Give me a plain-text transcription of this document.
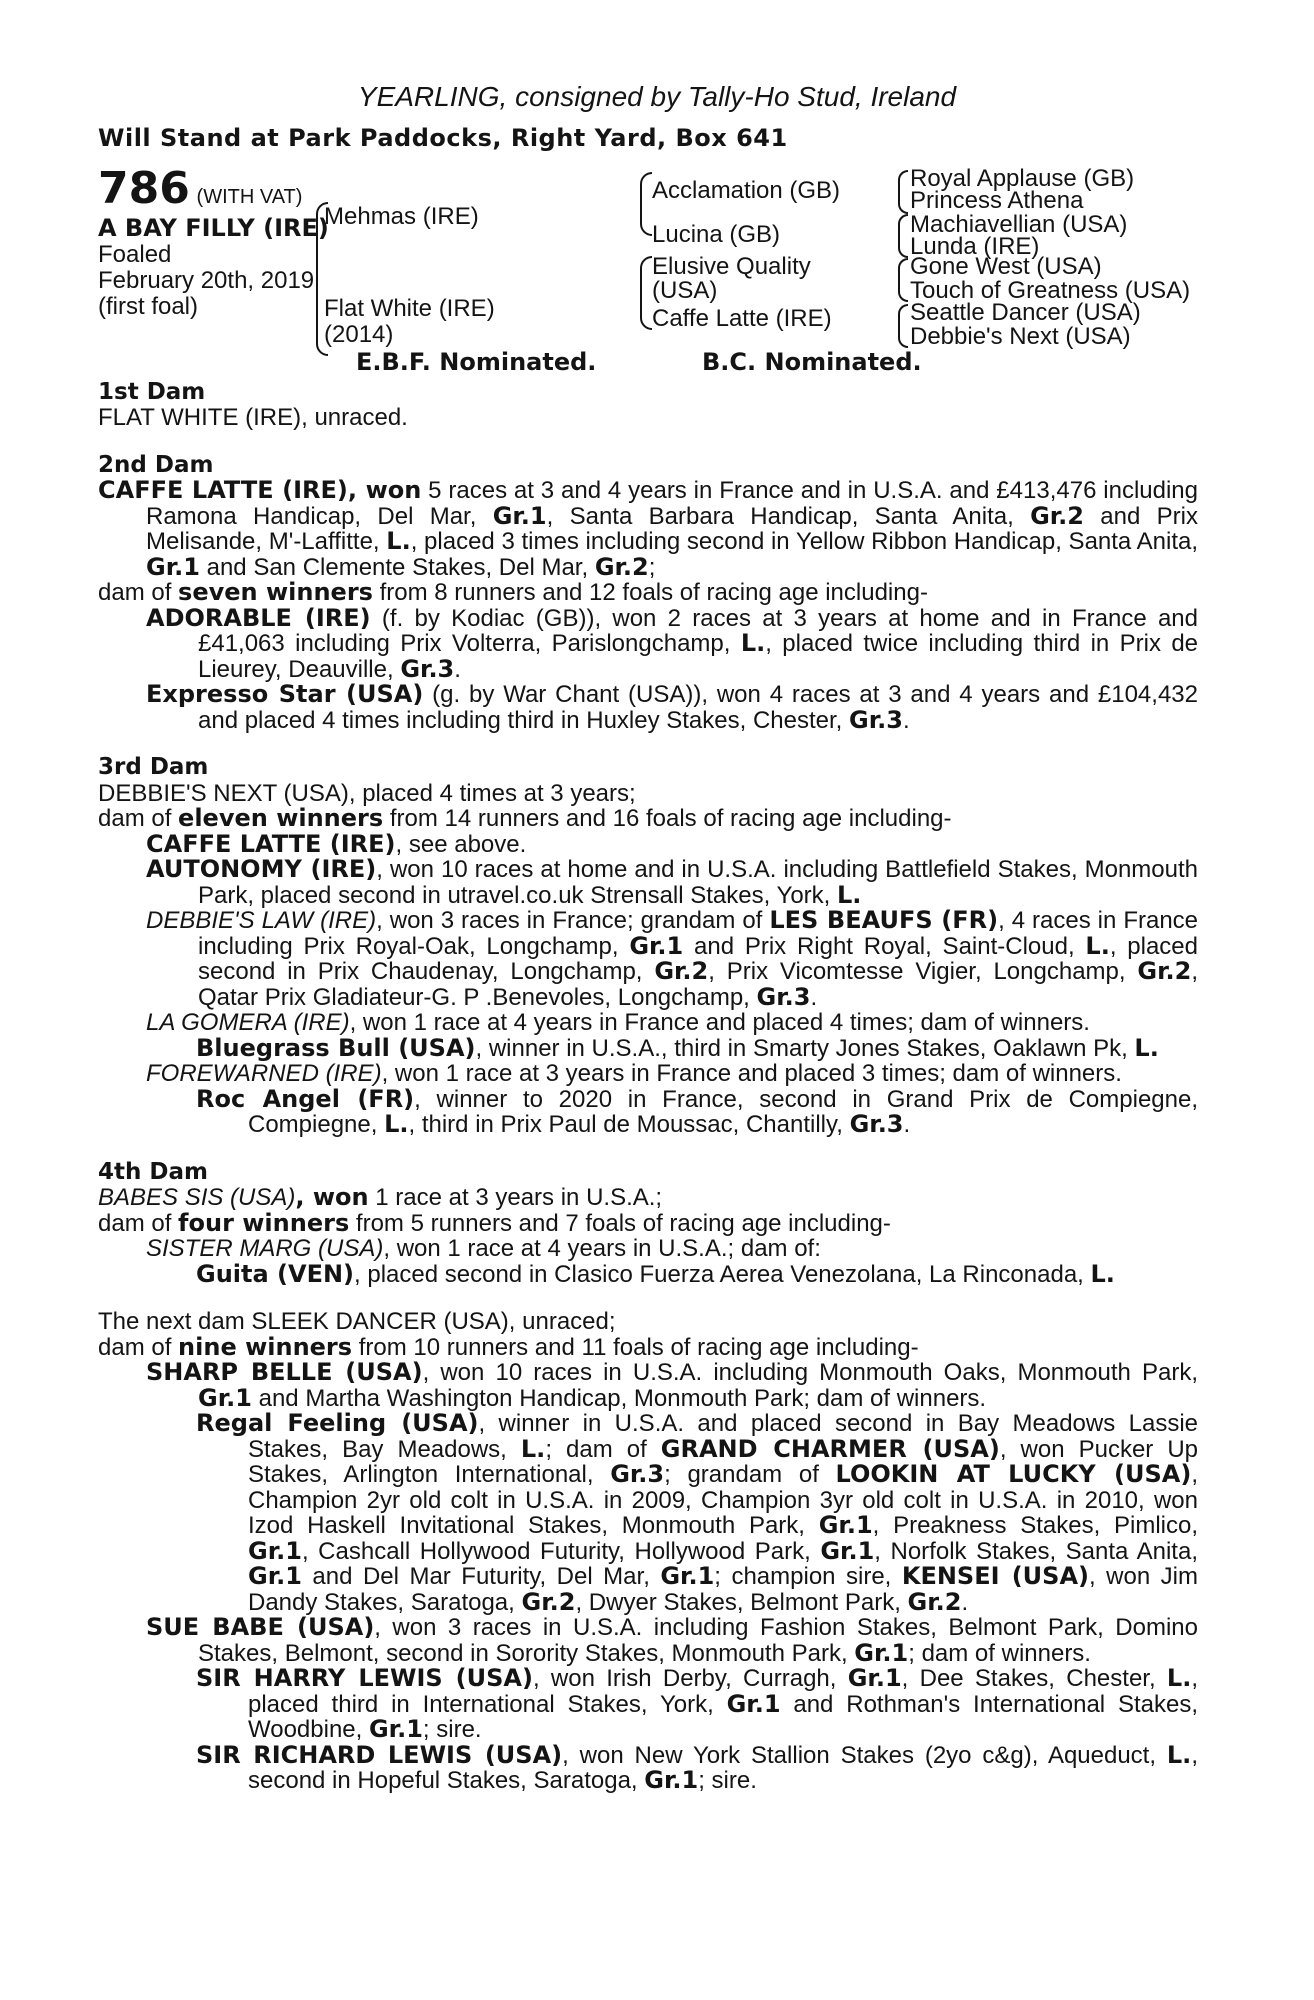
YEARLING, consigned by Tally-Ho Stud, Ireland
Will Stand at Park Paddocks, Right Yard, Box 641
786 (WITH VAT)
A BAY FILLY (IRE)
Foaled
February 20th, 2019
(first foal)
Mehmas (IRE)
Flat White (IRE)
(2014)
Acclamation (GB)
Lucina (GB)
Elusive Quality
(USA)
Caffe Latte (IRE)
Royal Applause (GB)
Princess Athena
Machiavellian (USA)
Lunda (IRE)
Gone West (USA)
Touch of Greatness (USA)
Seattle Dancer (USA)
Debbie's Next (USA)
E.B.F. Nominated.	B.C. Nominated.
1st Dam
FLAT WHITE (IRE), unraced.
2nd Dam
CAFFE LATTE (IRE), won 5 races at 3 and 4 years in France and in U.S.A. and £413,476 including Ramona Handicap, Del Mar, Gr.1, Santa Barbara Handicap, Santa Anita, Gr.2 and Prix Melisande, M'-Laffitte, L., placed 3 times including second in Yellow Ribbon Handicap, Santa Anita, Gr.1 and San Clemente Stakes, Del Mar, Gr.2;
dam of seven winners from 8 runners and 12 foals of racing age including-
ADORABLE (IRE) (f. by Kodiac (GB)), won 2 races at 3 years at home and in France and £41,063 including Prix Volterra, Parislongchamp, L., placed twice including third in Prix de Lieurey, Deauville, Gr.3.
Expresso Star (USA) (g. by War Chant (USA)), won 4 races at 3 and 4 years and £104,432 and placed 4 times including third in Huxley Stakes, Chester, Gr.3.
3rd Dam
DEBBIE'S NEXT (USA), placed 4 times at 3 years;
dam of eleven winners from 14 runners and 16 foals of racing age including-
CAFFE LATTE (IRE), see above.
AUTONOMY (IRE), won 10 races at home and in U.S.A. including Battlefield Stakes, Monmouth Park, placed second in utravel.co.uk Strensall Stakes, York, L.
DEBBIE'S LAW (IRE), won 3 races in France; grandam of LES BEAUFS (FR), 4 races in France including Prix Royal-Oak, Longchamp, Gr.1 and Prix Right Royal, Saint-Cloud, L., placed second in Prix Chaudenay, Longchamp, Gr.2, Prix Vicomtesse Vigier, Longchamp, Gr.2, Qatar Prix Gladiateur-G. P .Benevoles, Longchamp, Gr.3.
LA GOMERA (IRE), won 1 race at 4 years in France and placed 4 times; dam of winners.
Bluegrass Bull (USA), winner in U.S.A., third in Smarty Jones Stakes, Oaklawn Pk, L.
FOREWARNED (IRE), won 1 race at 3 years in France and placed 3 times; dam of winners.
Roc Angel (FR), winner to 2020 in France, second in Grand Prix de Compiegne, Compiegne, L., third in Prix Paul de Moussac, Chantilly, Gr.3.
4th Dam
BABES SIS (USA), won 1 race at 3 years in U.S.A.;
dam of four winners from 5 runners and 7 foals of racing age including-
SISTER MARG (USA), won 1 race at 4 years in U.S.A.; dam of:
Guita (VEN), placed second in Clasico Fuerza Aerea Venezolana, La Rinconada, L.
The next dam SLEEK DANCER (USA), unraced;
dam of nine winners from 10 runners and 11 foals of racing age including-
SHARP BELLE (USA), won 10 races in U.S.A. including Monmouth Oaks, Monmouth Park, Gr.1 and Martha Washington Handicap, Monmouth Park; dam of winners.
Regal Feeling (USA), winner in U.S.A. and placed second in Bay Meadows Lassie Stakes, Bay Meadows, L.; dam of GRAND CHARMER (USA), won Pucker Up Stakes, Arlington International, Gr.3; grandam of LOOKIN AT LUCKY (USA), Champion 2yr old colt in U.S.A. in 2009, Champion 3yr old colt in U.S.A. in 2010, won Izod Haskell Invitational Stakes, Monmouth Park, Gr.1, Preakness Stakes, Pimlico, Gr.1, Cashcall Hollywood Futurity, Hollywood Park, Gr.1, Norfolk Stakes, Santa Anita, Gr.1 and Del Mar Futurity, Del Mar, Gr.1; champion sire, KENSEI (USA), won Jim Dandy Stakes, Saratoga, Gr.2, Dwyer Stakes, Belmont Park, Gr.2.
SUE BABE (USA), won 3 races in U.S.A. including Fashion Stakes, Belmont Park, Domino Stakes, Belmont, second in Sorority Stakes, Monmouth Park, Gr.1; dam of winners.
SIR HARRY LEWIS (USA), won Irish Derby, Curragh, Gr.1, Dee Stakes, Chester, L., placed third in International Stakes, York, Gr.1 and Rothman's International Stakes, Woodbine, Gr.1; sire.
SIR RICHARD LEWIS (USA), won New York Stallion Stakes (2yo c&g), Aqueduct, L., second in Hopeful Stakes, Saratoga, Gr.1; sire.
